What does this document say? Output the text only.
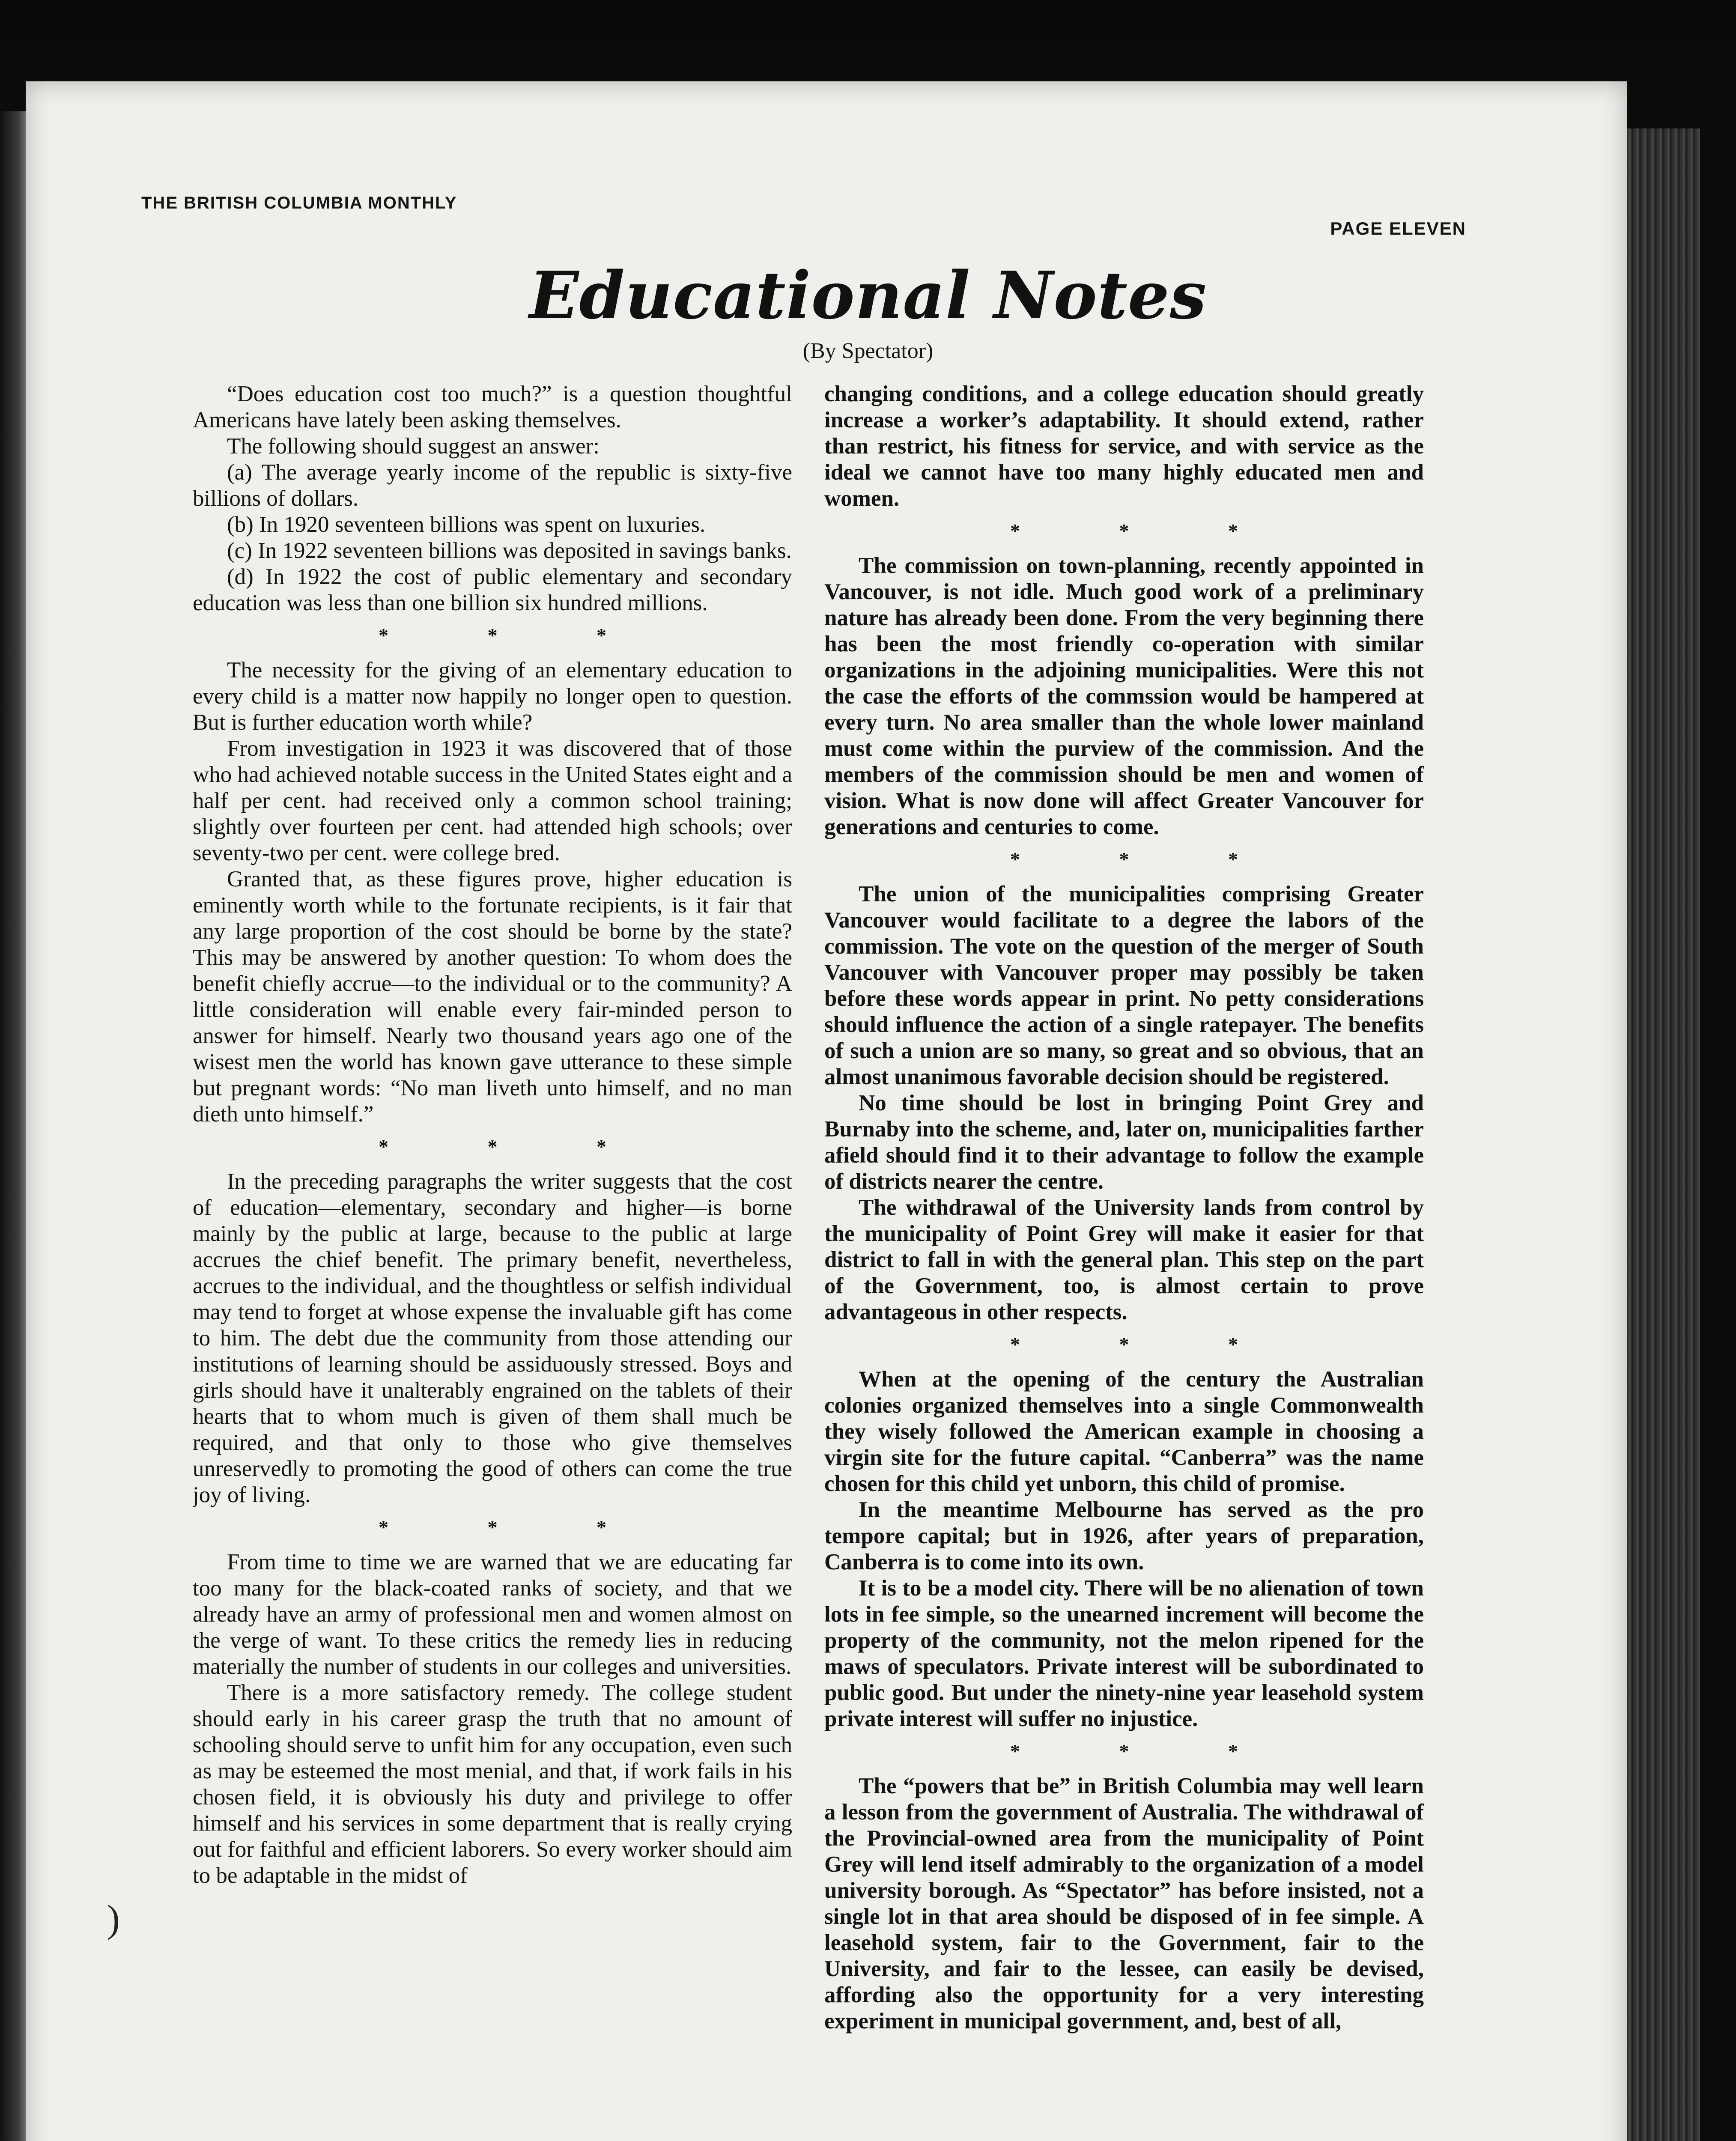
THE BRITISH COLUMBIA MONTHLY

PAGE ELEVEN

Educational Notes

(By Spectator)

)

“Does education cost too much?” is a question thoughtful Americans have lately been asking themselves.

The following should suggest an answer:

(a) The average yearly income of the republic is sixty-five billions of dollars.

(b) In 1920 seventeen billions was spent on luxuries.

(c) In 1922 seventeen billions was deposited in savings banks.

(d) In 1922 the cost of public elementary and secondary education was less than one billion six hundred millions.

* * *

The necessity for the giving of an elementary education to every child is a matter now happily no longer open to question. But is further education worth while?

From investigation in 1923 it was discovered that of those who had achieved notable success in the United States eight and a half per cent. had received only a common school training; slightly over fourteen per cent. had attended high schools; over seventy-two per cent. were college bred.

Granted that, as these figures prove, higher education is eminently worth while to the fortunate recipients, is it fair that any large proportion of the cost should be borne by the state? This may be answered by another question: To whom does the benefit chiefly accrue—to the individual or to the community? A little consideration will enable every fair-minded person to answer for himself. Nearly two thousand years ago one of the wisest men the world has known gave utterance to these simple but pregnant words: “No man liveth unto himself, and no man dieth unto himself.”

* * *

In the preceding paragraphs the writer suggests that the cost of education—elementary, secondary and higher—is borne mainly by the public at large, because to the public at large accrues the chief benefit. The primary benefit, nevertheless, accrues to the individual, and the thoughtless or selfish individual may tend to forget at whose expense the invaluable gift has come to him. The debt due the community from those attending our institutions of learning should be assiduously stressed. Boys and girls should have it unalterably engrained on the tablets of their hearts that to whom much is given of them shall much be required, and that only to those who give themselves unreservedly to promoting the good of others can come the true joy of living.

* * *

From time to time we are warned that we are educating far too many for the black-coated ranks of society, and that we already have an army of professional men and women almost on the verge of want. To these critics the remedy lies in reducing materially the number of students in our colleges and universities.

There is a more satisfactory remedy. The college student should early in his career grasp the truth that no amount of schooling should serve to unfit him for any occupation, even such as may be esteemed the most menial, and that, if work fails in his chosen field, it is obviously his duty and privilege to offer himself and his services in some department that is really crying out for faithful and efficient laborers. So every worker should aim to be adaptable in the midst of

changing conditions, and a college education should greatly increase a worker’s adaptability. It should extend, rather than restrict, his fitness for service, and with service as the ideal we cannot have too many highly educated men and women.

* * *

The commission on town-planning, recently appointed in Vancouver, is not idle. Much good work of a preliminary nature has already been done. From the very beginning there has been the most friendly co-operation with similar organizations in the adjoining municipalities. Were this not the case the efforts of the commssion would be hampered at every turn. No area smaller than the whole lower mainland must come within the purview of the commission. And the members of the commission should be men and women of vision. What is now done will affect Greater Vancouver for generations and centuries to come.

* * *

The union of the municipalities comprising Greater Vancouver would facilitate to a degree the labors of the commission. The vote on the question of the merger of South Vancouver with Vancouver proper may possibly be taken before these words appear in print. No petty considerations should influence the action of a single ratepayer. The benefits of such a union are so many, so great and so obvious, that an almost unanimous favorable decision should be registered.

No time should be lost in bringing Point Grey and Burnaby into the scheme, and, later on, municipalities farther afield should find it to their advantage to follow the example of districts nearer the centre.

The withdrawal of the University lands from control by the municipality of Point Grey will make it easier for that district to fall in with the general plan. This step on the part of the Government, too, is almost certain to prove advantageous in other respects.

* * *

When at the opening of the century the Australian colonies organized themselves into a single Commonwealth they wisely followed the American example in choosing a virgin site for the future capital. “Canberra” was the name chosen for this child yet unborn, this child of promise.

In the meantime Melbourne has served as the pro tempore capital; but in 1926, after years of preparation, Canberra is to come into its own.

It is to be a model city. There will be no alienation of town lots in fee simple, so the unearned increment will become the property of the community, not the melon ripened for the maws of speculators. Private interest will be subordinated to public good. But under the ninety-nine year leasehold system private interest will suffer no injustice.

* * *

The “powers that be” in British Columbia may well learn a lesson from the government of Australia. The withdrawal of the Provincial-owned area from the municipality of Point Grey will lend itself admirably to the organization of a model university borough. As “Spectator” has before insisted, not a single lot in that area should be disposed of in fee simple. A leasehold system, fair to the Government, fair to the University, and fair to the lessee, can easily be devised, affording also the opportunity for a very interesting experiment in municipal government, and, best of all,
